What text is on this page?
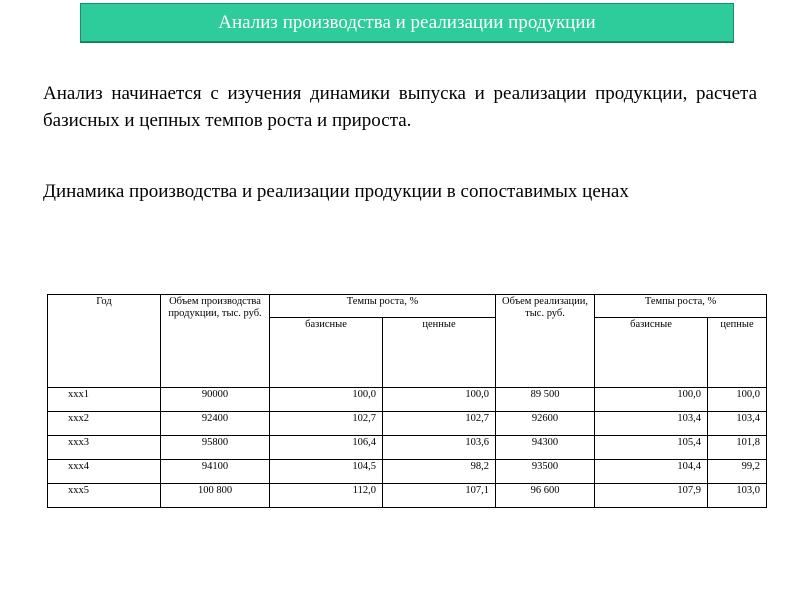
Анализ производства и реализации продукции
Анализ начинается с изучения динамики выпуска и реализации продукции, расчета базисных и цепных темпов роста и прироста.
Динамика производства и реализации продукции в сопоставимых ценах
Год	Объем производства продукции, тыс. руб.	Темпы роста, %		Объем реализации, тыс. руб.	Темпы роста, %	
		базисные	ценные		базисные	цепные
ххх1	90000	100,0	100,0	89 500	100,0	100,0
ххх2	92400	102,7	102,7	92600	103,4	103,4
ххх3	95800	106,4	103,6	94300	105,4	101,8
ххх4	94100	104,5	98,2	93500	104,4	99,2
ххх5	100 800	112,0	107,1	96 600	107,9	103,0
